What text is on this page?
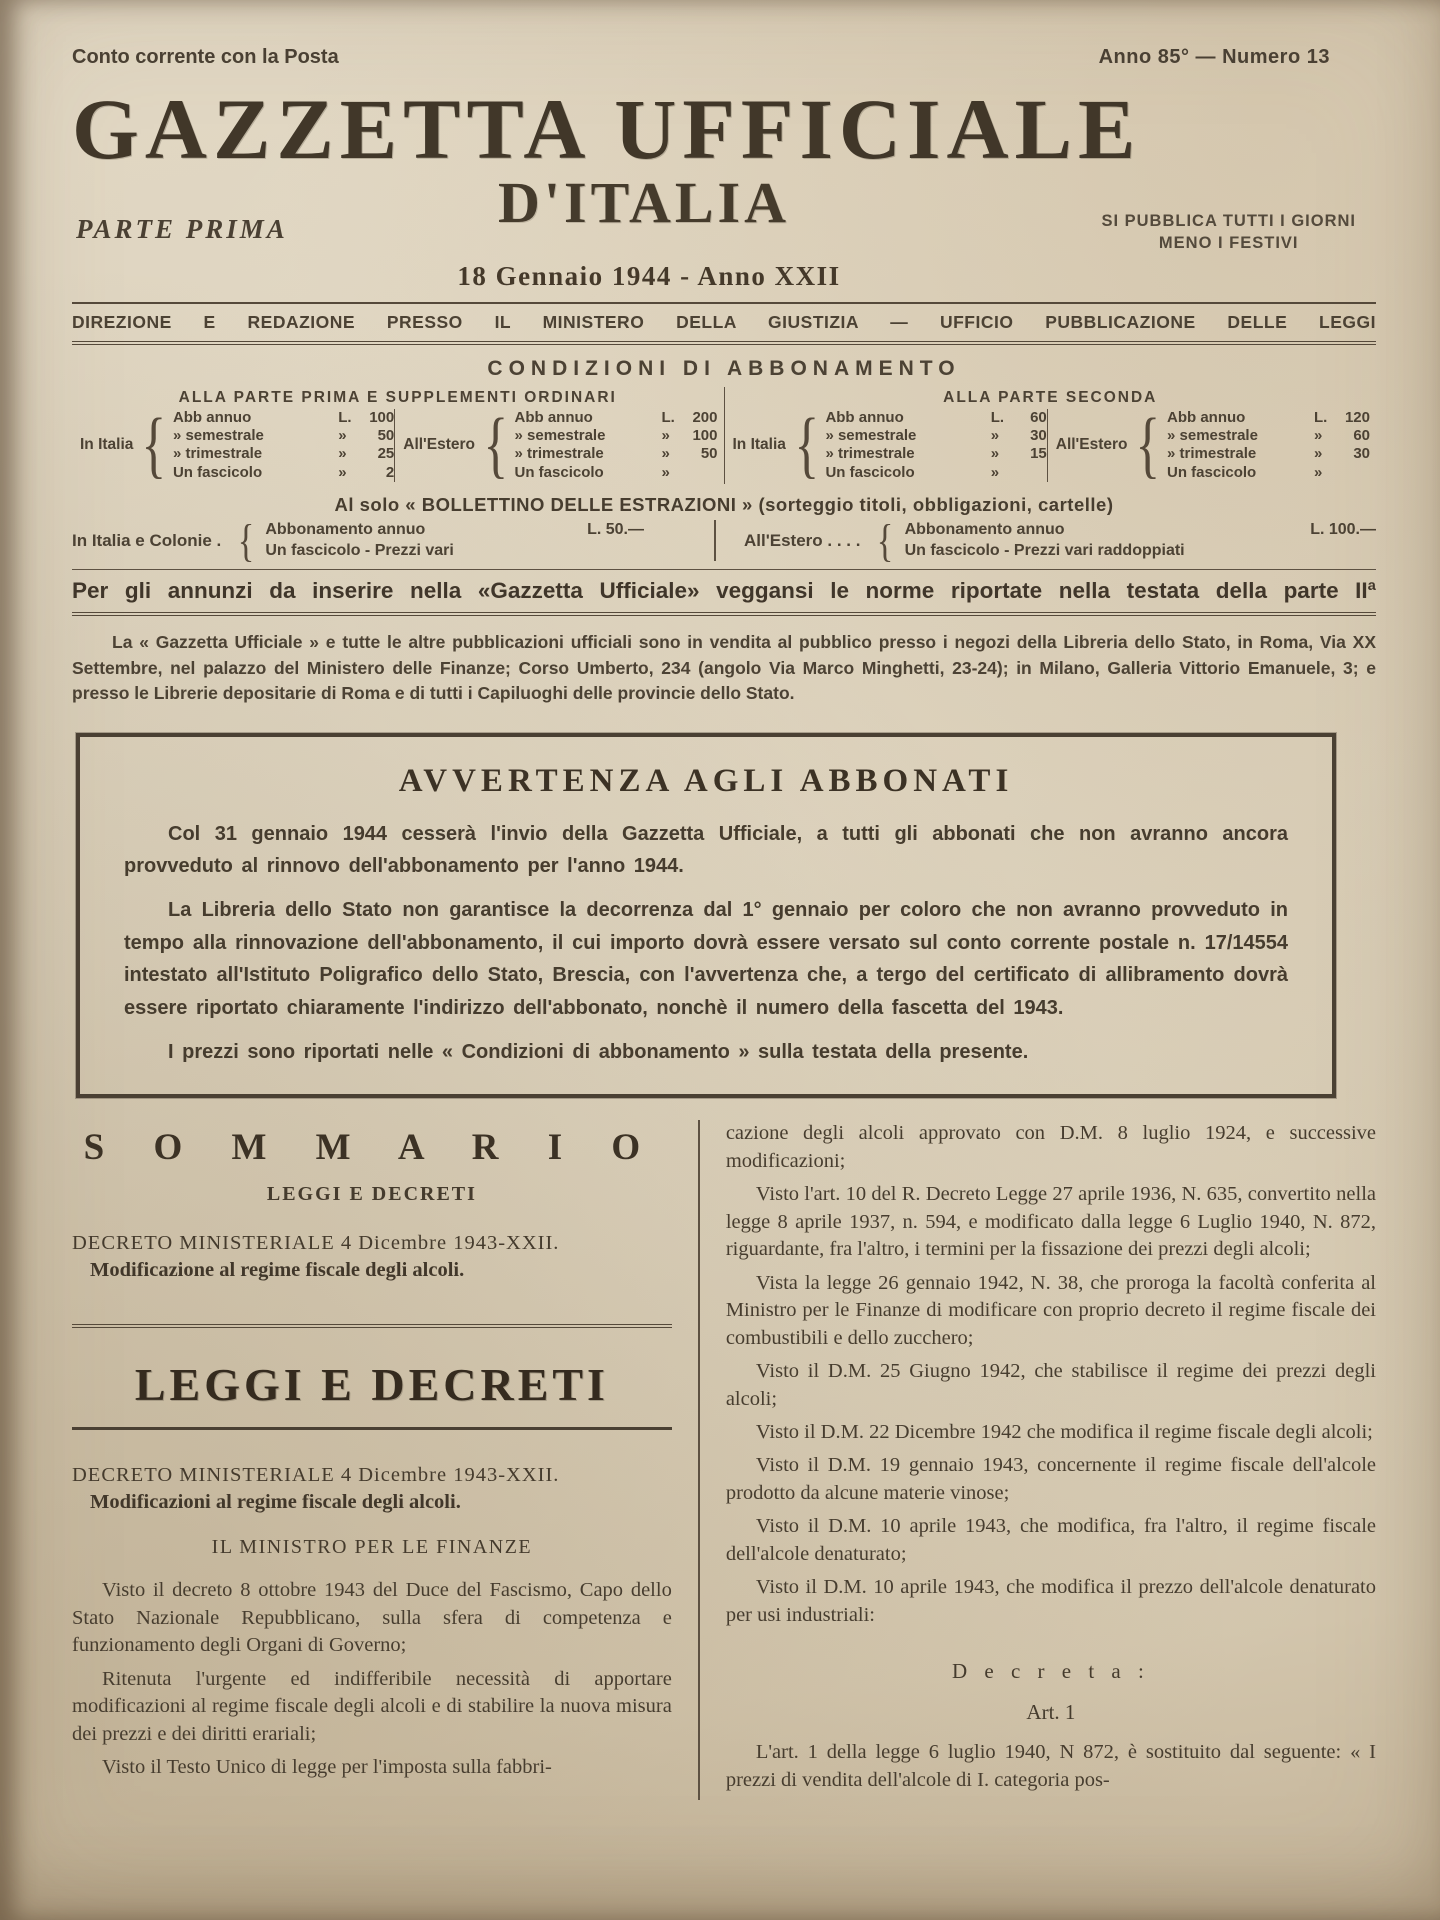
Conto corrente con la Posta	Anno 85° — Numero 13
GAZZETTA UFFICIALE
PARTE PRIMA	D'ITALIA	SI PUBBLICA TUTTI I GIORNI
MENO I FESTIVI
18 Gennaio 1944 - Anno XXII
DIREZIONE E REDAZIONE PRESSO IL MINISTERO DELLA GIUSTIZIA — UFFICIO PUBBLICAZIONE DELLE LEGGI
CONDIZIONI DI ABBONAMENTO
ALLA PARTE PRIMA E SUPPLEMENTI ORDINARI
In Italia { Abb annuo	L.	100
» semestrale	»	50
» trimestrale	»	25
Un fascicolo	»	2
All'Estero { Abb annuo	L.	200
» semestrale	»	100
» trimestrale	»	50
Un fascicolo	»
ALLA PARTE SECONDA
In Italia { Abb annuo	L.	60
» semestrale	»	30
» trimestrale	»	15
Un fascicolo	»
All'Estero { Abb annuo	L.	120
» semestrale	»	60
» trimestrale	»	30
Un fascicolo	»
Al solo « BOLLETTINO DELLE ESTRAZIONI » (sorteggio titoli, obbligazioni, cartelle)
In Italia e Colonie . { Abbonamento annuo	L. 50.—
Un fascicolo - Prezzi vari
All'Estero . . . . { Abbonamento annuo	L. 100.—
Un fascicolo - Prezzi vari raddoppiati
Per gli annunzi da inserire nella «Gazzetta Ufficiale» veggansi le norme riportate nella testata della parte IIª

La « Gazzetta Ufficiale » e tutte le altre pubblicazioni ufficiali sono in vendita al pubblico presso i negozi della Libreria dello Stato, in Roma, Via XX Settembre, nel palazzo del Ministero delle Finanze; Corso Umberto, 234 (angolo Via Marco Minghetti, 23-24); in Milano, Galleria Vittorio Emanuele, 3; e presso le Librerie depositarie di Roma e di tutti i Capiluoghi delle provincie dello Stato.

AVVERTENZA AGLI ABBONATI

Col 31 gennaio 1944 cesserà l'invio della Gazzetta Ufficiale, a tutti gli abbonati che non avranno ancora provveduto al rinnovo dell'abbonamento per l'anno 1944.

La Libreria dello Stato non garantisce la decorrenza dal 1° gennaio per coloro che non avranno provveduto in tempo alla rinnovazione dell'abbonamento, il cui importo dovrà essere versato sul conto corrente postale n. 17/14554 intestato all'Istituto Poligrafico dello Stato, Brescia, con l'avvertenza che, a tergo del certificato di allibramento dovrà essere riportato chiaramente l'indirizzo dell'abbonato, nonchè il numero della fascetta del 1943.

I prezzi sono riportati nelle « Condizioni di abbonamento » sulla testata della presente.

S O M M A R I O
LEGGI E DECRETI
DECRETO MINISTERIALE 4 Dicembre 1943-XXII.
Modificazione al regime fiscale degli alcoli.
LEGGI E DECRETI
DECRETO MINISTERIALE 4 Dicembre 1943-XXII.
Modificazioni al regime fiscale degli alcoli.
IL MINISTRO PER LE FINANZE

Visto il decreto 8 ottobre 1943 del Duce del Fascismo, Capo dello Stato Nazionale Repubblicano, sulla sfera di competenza e funzionamento degli Organi di Governo;

Ritenuta l'urgente ed indifferibile necessità di apportare modificazioni al regime fiscale degli alcoli e di stabilire la nuova misura dei prezzi e dei diritti erariali;

Visto il Testo Unico di legge per l'imposta sulla fabbri-

cazione degli alcoli approvato con D.M. 8 luglio 1924, e successive modificazioni;

Visto l'art. 10 del R. Decreto Legge 27 aprile 1936, N. 635, convertito nella legge 8 aprile 1937, n. 594, e modificato dalla legge 6 Luglio 1940, N. 872, riguardante, fra l'altro, i termini per la fissazione dei prezzi degli alcoli;

Vista la legge 26 gennaio 1942, N. 38, che proroga la facoltà conferita al Ministro per le Finanze di modificare con proprio decreto il regime fiscale dei combustibili e dello zucchero;

Visto il D.M. 25 Giugno 1942, che stabilisce il regime dei prezzi degli alcoli;

Visto il D.M. 22 Dicembre 1942 che modifica il regime fiscale degli alcoli;

Visto il D.M. 19 gennaio 1943, concernente il regime fiscale dell'alcole prodotto da alcune materie vinose;

Visto il D.M. 10 aprile 1943, che modifica, fra l'altro, il regime fiscale dell'alcole denaturato;

Visto il D.M. 10 aprile 1943, che modifica il prezzo dell'alcole denaturato per usi industriali:

D e c r e t a :
Art. 1

L'art. 1 della legge 6 luglio 1940, N 872, è sostituito dal seguente: « I prezzi di vendita dell'alcole di I. categoria pos-
